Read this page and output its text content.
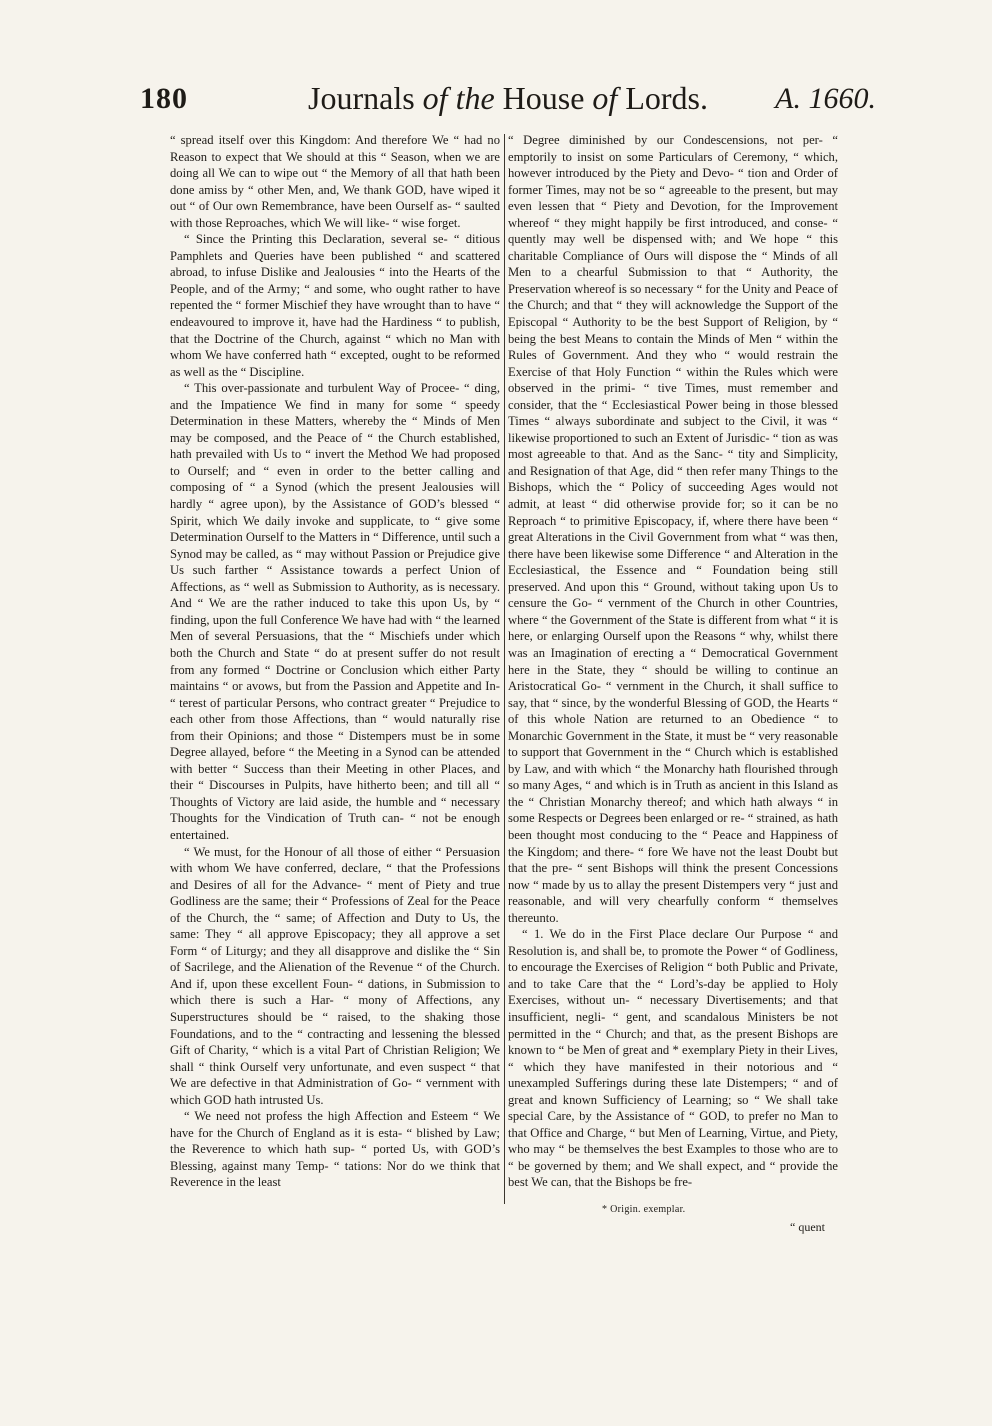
180	Journals of the House of Lords.	A. 1660.

“ spread itself over this Kingdom: And therefore We “ had no Reason to expect that We should at this “ Season, when we are doing all We can to wipe out “ the Memory of all that hath been done amiss by “ other Men, and, We thank GOD, have wiped it out “ of Our own Remembrance, have been Ourself as- “ saulted with those Reproaches, which We will like- “ wise forget.

“ Since the Printing this Declaration, several se- “ ditious Pamphlets and Queries have been published “ and scattered abroad, to infuse Dislike and Jealousies “ into the Hearts of the People, and of the Army; “ and some, who ought rather to have repented the “ former Mischief they have wrought than to have “ endeavoured to improve it, have had the Hardiness “ to publish, that the Doctrine of the Church, against “ which no Man with whom We have conferred hath “ excepted, ought to be reformed as well as the “ Discipline.

“ This over-passionate and turbulent Way of Procee- “ ding, and the Impatience We find in many for some “ speedy Determination in these Matters, whereby the “ Minds of Men may be composed, and the Peace of “ the Church established, hath prevailed with Us to “ invert the Method We had proposed to Ourself; and “ even in order to the better calling and composing of “ a Synod (which the present Jealousies will hardly “ agree upon), by the Assistance of GOD’s blessed “ Spirit, which We daily invoke and supplicate, to “ give some Determination Ourself to the Matters in “ Difference, until such a Synod may be called, as “ may without Passion or Prejudice give Us such farther “ Assistance towards a perfect Union of Affections, as “ well as Submission to Authority, as is necessary. And “ We are the rather induced to take this upon Us, by “ finding, upon the full Conference We have had with “ the learned Men of several Persuasions, that the “ Mischiefs under which both the Church and State “ do at present suffer do not result from any formed “ Doctrine or Conclusion which either Party maintains “ or avows, but from the Passion and Appetite and In- “ terest of particular Persons, who contract greater “ Prejudice to each other from those Affections, than “ would naturally rise from their Opinions; and those “ Distempers must be in some Degree allayed, before “ the Meeting in a Synod can be attended with better “ Success than their Meeting in other Places, and their “ Discourses in Pulpits, have hitherto been; and till all “ Thoughts of Victory are laid aside, the humble and “ necessary Thoughts for the Vindication of Truth can- “ not be enough entertained.

“ We must, for the Honour of all those of either “ Persuasion with whom We have conferred, declare, “ that the Professions and Desires of all for the Advance- “ ment of Piety and true Godliness are the same; their “ Professions of Zeal for the Peace of the Church, the “ same; of Affection and Duty to Us, the same: They “ all approve Episcopacy; they all approve a set Form “ of Liturgy; and they all disapprove and dislike the “ Sin of Sacrilege, and the Alienation of the Revenue “ of the Church. And if, upon these excellent Foun- “ dations, in Submission to which there is such a Har- “ mony of Affections, any Superstructures should be “ raised, to the shaking those Foundations, and to the “ contracting and lessening the blessed Gift of Charity, “ which is a vital Part of Christian Religion; We shall “ think Ourself very unfortunate, and even suspect “ that We are defective in that Administration of Go- “ vernment with which GOD hath intrusted Us.

“ We need not profess the high Affection and Esteem “ We have for the Church of England as it is esta- “ blished by Law; the Reverence to which hath sup- “ ported Us, with GOD’s Blessing, against many Temp- “ tations: Nor do we think that Reverence in the least

“ Degree diminished by our Condescensions, not per- “ emptorily to insist on some Particulars of Ceremony, “ which, however introduced by the Piety and Devo- “ tion and Order of former Times, may not be so “ agreeable to the present, but may even lessen that “ Piety and Devotion, for the Improvement whereof “ they might happily be first introduced, and conse- “ quently may well be dispensed with; and We hope “ this charitable Compliance of Ours will dispose the “ Minds of all Men to a chearful Submission to that “ Authority, the Preservation whereof is so necessary “ for the Unity and Peace of the Church; and that “ they will acknowledge the Support of the Episcopal “ Authority to be the best Support of Religion, by “ being the best Means to contain the Minds of Men “ within the Rules of Government. And they who “ would restrain the Exercise of that Holy Function “ within the Rules which were observed in the primi- “ tive Times, must remember and consider, that the “ Ecclesiastical Power being in those blessed Times “ always subordinate and subject to the Civil, it was “ likewise proportioned to such an Extent of Jurisdic- “ tion as was most agreeable to that. And as the Sanc- “ tity and Simplicity, and Resignation of that Age, did “ then refer many Things to the Bishops, which the “ Policy of succeeding Ages would not admit, at least “ did otherwise provide for; so it can be no Reproach “ to primitive Episcopacy, if, where there have been “ great Alterations in the Civil Government from what “ was then, there have been likewise some Difference “ and Alteration in the Ecclesiastical, the Essence and “ Foundation being still preserved. And upon this “ Ground, without taking upon Us to censure the Go- “ vernment of the Church in other Countries, where “ the Government of the State is different from what “ it is here, or enlarging Ourself upon the Reasons “ why, whilst there was an Imagination of erecting a “ Democratical Government here in the State, they “ should be willing to continue an Aristocratical Go- “ vernment in the Church, it shall suffice to say, that “ since, by the wonderful Blessing of GOD, the Hearts “ of this whole Nation are returned to an Obedience “ to Monarchic Government in the State, it must be “ very reasonable to support that Government in the “ Church which is established by Law, and with which “ the Monarchy hath flourished through so many Ages, “ and which is in Truth as ancient in this Island as the “ Christian Monarchy thereof; and which hath always “ in some Respects or Degrees been enlarged or re- “ strained, as hath been thought most conducing to the “ Peace and Happiness of the Kingdom; and there- “ fore We have not the least Doubt but that the pre- “ sent Bishops will think the present Concessions now “ made by us to allay the present Distempers very “ just and reasonable, and will very chearfully conform “ themselves thereunto.

“ 1. We do in the First Place declare Our Purpose “ and Resolution is, and shall be, to promote the Power “ of Godliness, to encourage the Exercises of Religion “ both Public and Private, and to take Care that the “ Lord’s-day be applied to Holy Exercises, without un- “ necessary Divertisements; and that insufficient, negli- “ gent, and scandalous Ministers be not permitted in the “ Church; and that, as the present Bishops are known to “ be Men of great and * exemplary Piety in their Lives, “ which they have manifested in their notorious and “ unexampled Sufferings during these late Distempers; “ and of great and known Sufficiency of Learning; so “ We shall take special Care, by the Assistance of “ GOD, to prefer no Man to that Office and Charge, “ but Men of Learning, Virtue, and Piety, who may “ be themselves the best Examples to those who are to “ be governed by them; and We shall expect, and “ provide the best We can, that the Bishops be fre-

* Origin. exemplar.
“ quent
